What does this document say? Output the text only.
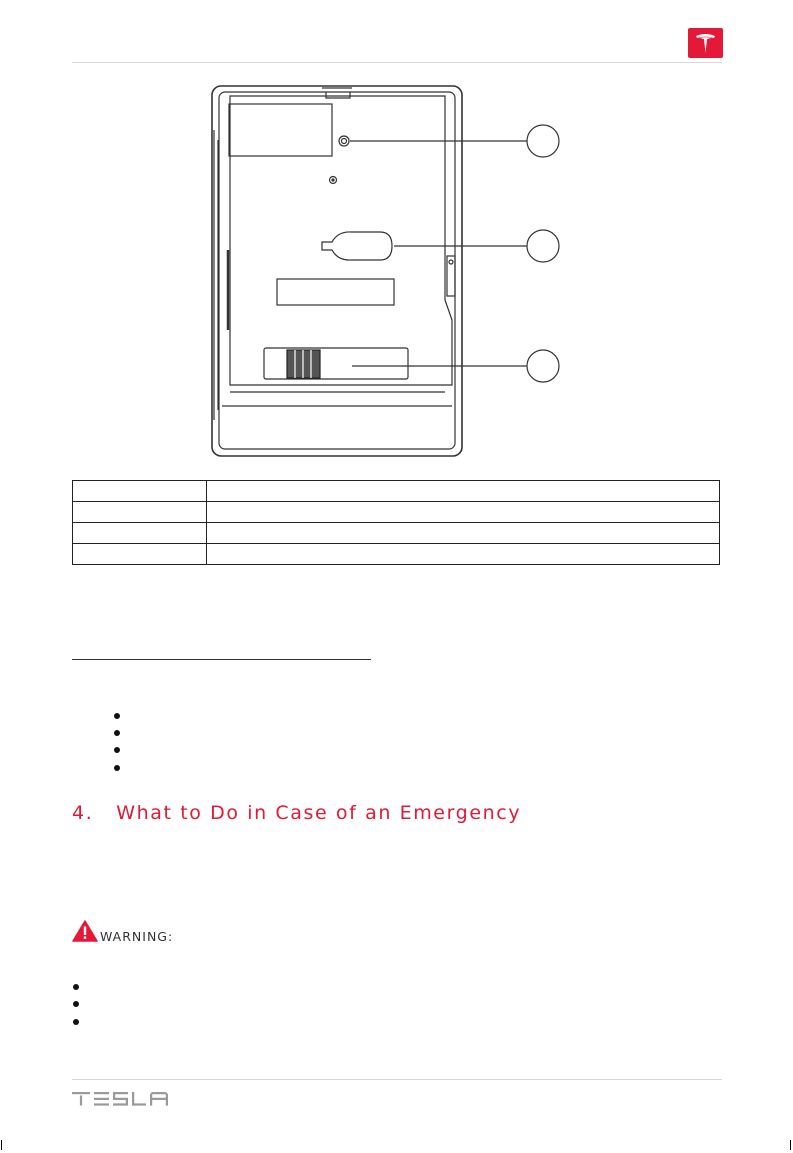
4. What to Do in Case of an Emergency
WARNING:
